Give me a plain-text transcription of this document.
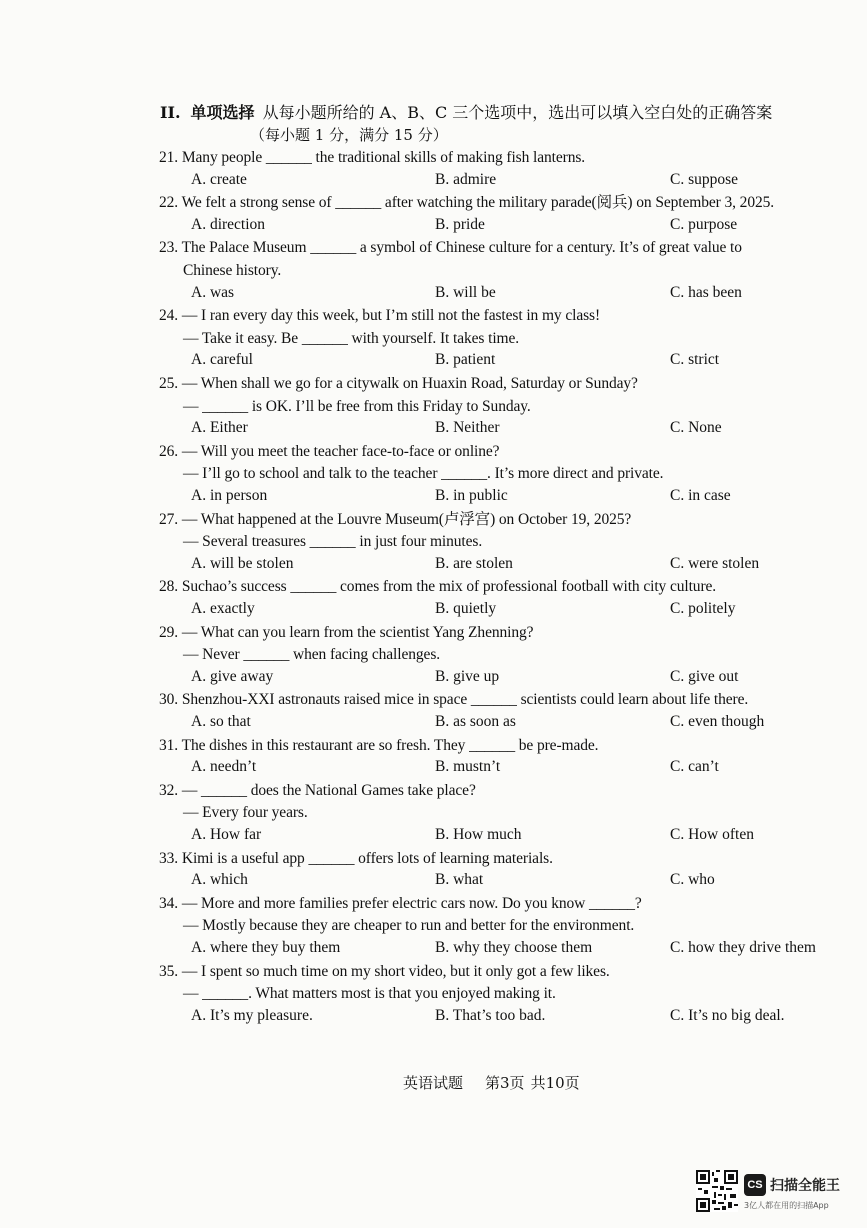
II. 单项选择 从每小题所给的 A、B、C 三个选项中，选出可以填入空白处的正确答案
（每小题 1 分，满分 15 分）
21. Many people ______ the traditional skills of making fish lanterns.
A. create	B. admire	C. suppose
22. We felt a strong sense of ______ after watching the military parade(阅兵) on September 3, 2025.
A. direction	B. pride	C. purpose
23. The Palace Museum ______ a symbol of Chinese culture for a century. It’s of great value to
Chinese history.
A. was	B. will be	C. has been
24. — I ran every day this week, but I’m still not the fastest in my class!
— Take it easy. Be ______ with yourself. It takes time.
A. careful	B. patient	C. strict
25. — When shall we go for a citywalk on Huaxin Road, Saturday or Sunday?
— ______ is OK. I’ll be free from this Friday to Sunday.
A. Either	B. Neither	C. None
26. — Will you meet the teacher face-to-face or online?
— I’ll go to school and talk to the teacher ______. It’s more direct and private.
A. in person	B. in public	C. in case
27. — What happened at the Louvre Museum(卢浮宫) on October 19, 2025?
— Several treasures ______ in just four minutes.
A. will be stolen	B. are stolen	C. were stolen
28. Suchao’s success ______ comes from the mix of professional football with city culture.
A. exactly	B. quietly	C. politely
29. — What can you learn from the scientist Yang Zhenning?
— Never ______ when facing challenges.
A. give away	B. give up	C. give out
30. Shenzhou-XXI astronauts raised mice in space ______ scientists could learn about life there.
A. so that	B. as soon as	C. even though
31. The dishes in this restaurant are so fresh. They ______ be pre-made.
A. needn’t	B. mustn’t	C. can’t
32. — ______ does the National Games take place?
— Every four years.
A. How far	B. How much	C. How often
33. Kimi is a useful app ______ offers lots of learning materials.
A. which	B. what	C. who
34. — More and more families prefer electric cars now. Do you know ______?
— Mostly because they are cheaper to run and better for the environment.
A. where they buy them	B. why they choose them	C. how they drive them
35. — I spent so much time on my short video, but it only got a few likes.
— ______. What matters most is that you enjoyed making it.
A. It’s my pleasure.	B. That’s too bad.	C. It’s no big deal.
英语试题 第3页 共10页
CS 扫描全能王
3亿人都在用的扫描App
